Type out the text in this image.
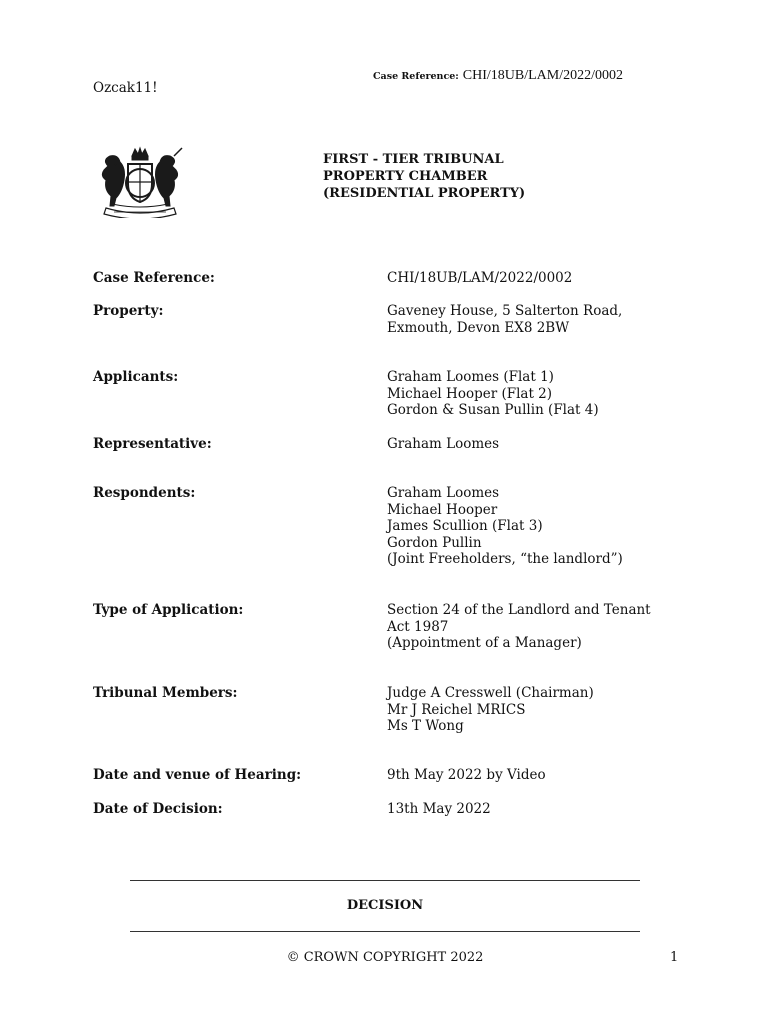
Case Reference: CHI/18UB/LAM/2022/0002
Ozcak11!
FIRST - TIER TRIBUNAL
PROPERTY CHAMBER
(RESIDENTIAL PROPERTY)
Case Reference:	CHI/18UB/LAM/2022/0002
Property:	Gaveney House, 5 Salterton Road,
Exmouth, Devon EX8 2BW
Applicants:	Graham Loomes (Flat 1)
Michael Hooper (Flat 2)
Gordon & Susan Pullin (Flat 4)
Representative:	Graham Loomes
Respondents:	Graham Loomes
Michael Hooper
James Scullion (Flat 3)
Gordon Pullin
(Joint Freeholders, “the landlord”)
Type of Application:	Section 24 of the Landlord and Tenant
Act 1987
(Appointment of a Manager)
Tribunal Members:	Judge A Cresswell (Chairman)
Mr J Reichel MRICS
Ms T Wong
Date and venue of Hearing:	9th May 2022 by Video
Date of Decision:	13th May 2022
DECISION
© CROWN COPYRIGHT 2022	1
